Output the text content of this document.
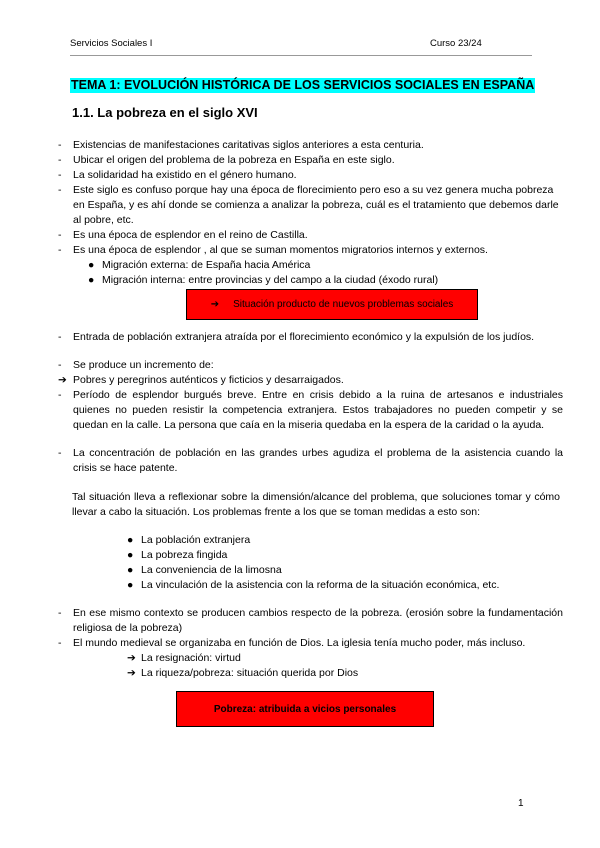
Servicios Sociales I	Curso 23/24
TEMA 1: EVOLUCIÓN HISTÓRICA DE LOS SERVICIOS SOCIALES EN ESPAÑA
1.1. La pobreza en el siglo XVI
-	Existencias de manifestaciones caritativas siglos anteriores a esta centuria.
-	Ubicar el origen del problema de la pobreza en España en este siglo.
-	La solidaridad ha existido en el género humano.
-	Este siglo es confuso porque hay una época de florecimiento pero eso a su vez genera mucha pobreza en España, y es ahí donde se comienza a analizar la pobreza, cuál es el tratamiento que debemos darle al pobre, etc.
-	Es una época de esplendor en el reino de Castilla.
-	Es una época de esplendor , al que se suman momentos migratorios internos y externos.
● Migración externa: de España hacia América
● Migración interna: entre provincias y del campo a la ciudad (éxodo rural)
➔ Situación producto de nuevos problemas sociales
-	Entrada de población extranjera atraída por el florecimiento económico y la expulsión de los judíos.
-	Se produce un incremento de:
➔ Pobres y peregrinos auténticos y ficticios y desarraigados.
-	Período de esplendor burgués breve. Entre en crisis debido a la ruina de artesanos e industriales quienes no pueden resistir la competencia extranjera. Estos trabajadores no pueden competir y se quedan en la calle. La persona que caía en la miseria quedaba en la espera de la caridad o la ayuda.
-	La concentración de población en las grandes urbes agudiza el problema de la asistencia cuando la crisis se hace patente.
Tal situación lleva a reflexionar sobre la dimensión/alcance del problema, que soluciones tomar y cómo llevar a cabo la situación. Los problemas frente a los que se toman medidas a esto son:
● La población extranjera
● La pobreza fingida
● La conveniencia de la limosna
● La vinculación de la asistencia con la reforma de la situación económica, etc.
-	En ese mismo contexto se producen cambios respecto de la pobreza. (erosión sobre la fundamentación religiosa de la pobreza)
-	El mundo medieval se organizaba en función de Dios. La iglesia tenía mucho poder, más incluso.
➔ La resignación: virtud
➔ La riqueza/pobreza: situación querida por Dios
Pobreza: atribuida a vicios personales
1
